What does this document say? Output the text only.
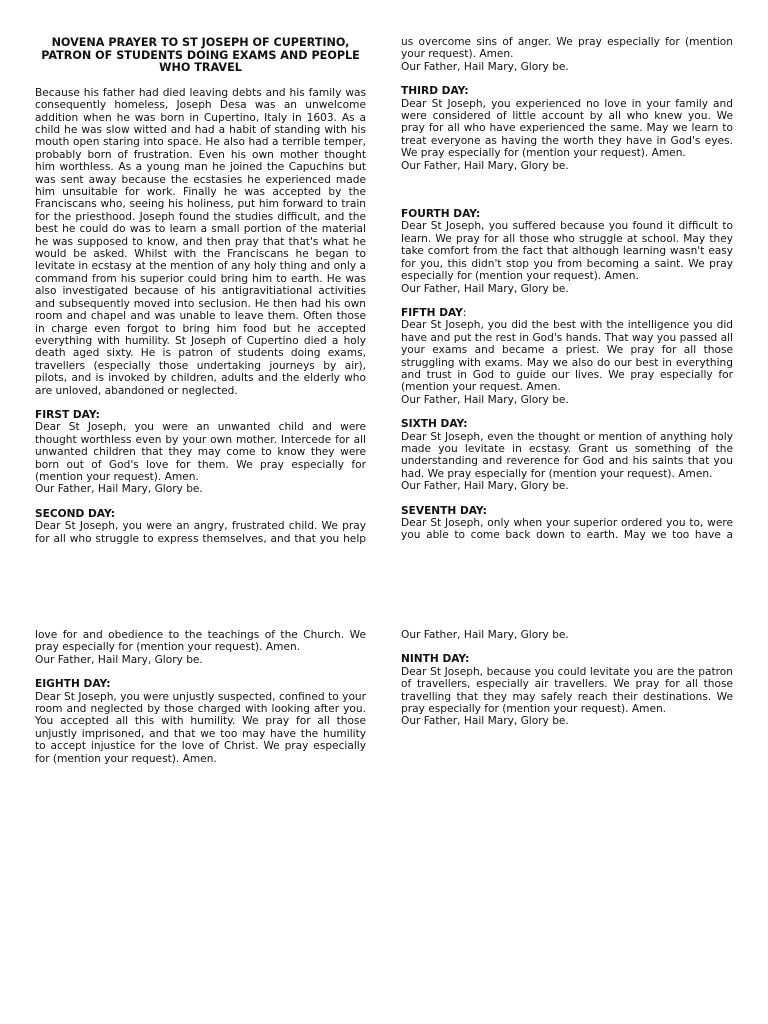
NOVENA PRAYER TO ST JOSEPH OF CUPERTINO, PATRON OF STUDENTS DOING EXAMS AND PEOPLE WHO TRAVEL

Because his father had died leaving debts and his family was consequently homeless, Joseph Desa was an unwelcome addition when he was born in Cupertino, Italy in 1603. As a child he was slow witted and had a habit of standing with his mouth open staring into space. He also had a terrible temper, probably born of frustration. Even his own mother thought him worthless. As a young man he joined the Capuchins but was sent away because the ecstasies he experienced made him unsuitable for work. Finally he was accepted by the Franciscans who, seeing his holiness, put him forward to train for the priesthood. Joseph found the studies difficult, and the best he could do was to learn a small portion of the material he was supposed to know, and then pray that that's what he would be asked. Whilst with the Franciscans he began to levitate in ecstasy at the mention of any holy thing and only a command from his superior could bring him to earth. He was also investigated because of his antigravitiational activities and subsequently moved into seclusion. He then had his own room and chapel and was unable to leave them. Often those in charge even forgot to bring him food but he accepted everything with humility. St Joseph of Cupertino died a holy death aged sixty. He is patron of students doing exams, travellers (especially those undertaking journeys by air), pilots, and is invoked by children, adults and the elderly who are unloved, abandoned or neglected.

FIRST DAY:

Dear St Joseph, you were an unwanted child and were thought worthless even by your own mother. Intercede for all unwanted children that they may come to know they were born out of God's love for them. We pray especially for (mention your request). Amen.

Our Father, Hail Mary, Glory be.

SECOND DAY:

Dear St Joseph, you were an angry, frustrated child. We pray for all who struggle to express themselves, and that you help

us overcome sins of anger. We pray especially for (mention your request). Amen.

Our Father, Hail Mary, Glory be.

THIRD DAY:

Dear St Joseph, you experienced no love in your family and were considered of little account by all who knew you. We pray for all who have experienced the same. May we learn to treat everyone as having the worth they have in God's eyes. We pray especially for (mention your request). Amen.

Our Father, Hail Mary, Glory be.

FOURTH DAY:

Dear St Joseph, you suffered because you found it difficult to learn. We pray for all those who struggle at school. May they take comfort from the fact that although learning wasn't easy for you, this didn't stop you from becoming a saint. We pray especially for (mention your request). Amen.

Our Father, Hail Mary, Glory be.

FIFTH DAY:

Dear St Joseph, you did the best with the intelligence you did have and put the rest in God's hands. That way you passed all your exams and became a priest. We pray for all those struggling with exams. May we also do our best in everything and trust in God to guide our lives. We pray especially for (mention your request. Amen.

Our Father, Hail Mary, Glory be.

SIXTH DAY:

Dear St Joseph, even the thought or mention of anything holy made you levitate in ecstasy. Grant us something of the understanding and reverence for God and his saints that you had. We pray especially for (mention your request). Amen.

Our Father, Hail Mary, Glory be.

SEVENTH DAY:

Dear St Joseph, only when your superior ordered you to, were you able to come back down to earth. May we too have a

love for and obedience to the teachings of the Church. We pray especially for (mention your request). Amen.

Our Father, Hail Mary, Glory be.

EIGHTH DAY:

Dear St Joseph, you were unjustly suspected, confined to your room and neglected by those charged with looking after you. You accepted all this with humility. We pray for all those unjustly imprisoned, and that we too may have the humility to accept injustice for the love of Christ. We pray especially for (mention your request). Amen.

Our Father, Hail Mary, Glory be.

NINTH DAY:

Dear St Joseph, because you could levitate you are the patron of travellers, especially air travellers. We pray for all those travelling that they may safely reach their destinations. We pray especially for (mention your request). Amen.

Our Father, Hail Mary, Glory be.
